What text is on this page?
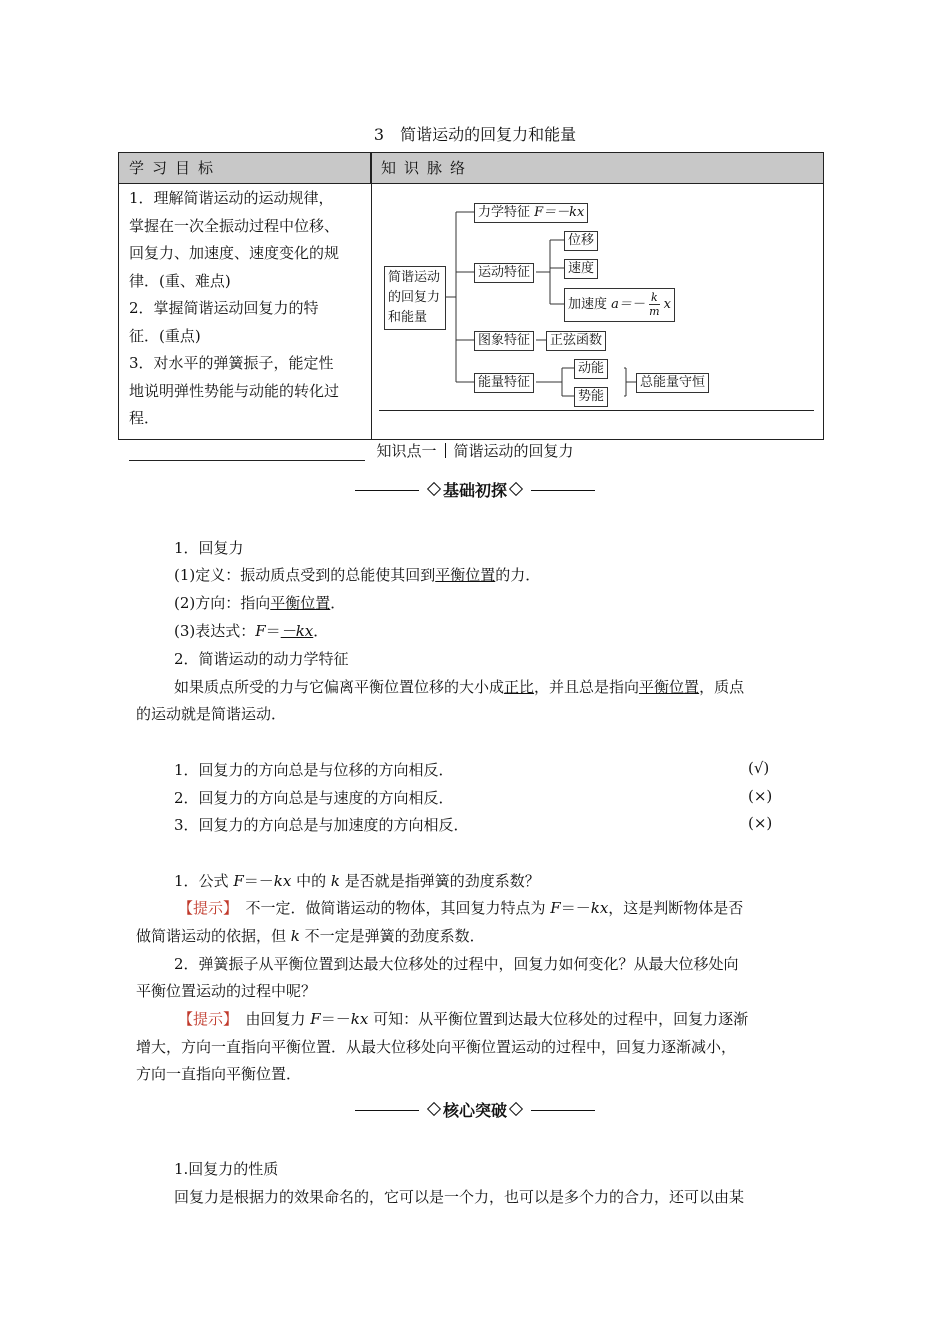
3　简谐运动的回复力和能量
学习目标	知识脉络
1．理解简谐运动的运动规律，
掌握在一次全振动过程中位移、
回复力、加速度、速度变化的规
律．(重、难点)
2．掌握简谐运动回复力的特
征．(重点)
3．对水平的弹簧振子，能定性
地说明弹性势能与动能的转化过
程．
简谐运动
的回复力
和能量
力学特征 F＝－kx
运动特征
位移
速度
加速度 $a=- \frac{k}{m}$ x
图象特征	正弦函数
能量特征
动能
势能
总能量守恒
知识点一 简谐运动的回复力
基础初探
1．回复力
(1)定义：振动质点受到的总能使其回到平衡位置的力．
(2)方向：指向平衡位置．
(3)表达式：F＝－kx．
2．简谐运动的动力学特征
如果质点所受的力与它偏离平衡位置位移的大小成正比，并且总是指向平衡位置，质点
的运动就是简谐运动．
1．回复力的方向总是与位移的方向相反．	(√)
2．回复力的方向总是与速度的方向相反．	(×)
3．回复力的方向总是与加速度的方向相反．	(×)
1．公式 F＝－kx 中的 k 是否就是指弹簧的劲度系数？
【提示】　不一定．做简谐运动的物体，其回复力特点为 F＝－kx，这是判断物体是否
做简谐运动的依据，但 k 不一定是弹簧的劲度系数．
2．弹簧振子从平衡位置到达最大位移处的过程中，回复力如何变化？从最大位移处向
平衡位置运动的过程中呢？
【提示】　由回复力 F＝－kx 可知：从平衡位置到达最大位移处的过程中，回复力逐渐
增大，方向一直指向平衡位置．从最大位移处向平衡位置运动的过程中，回复力逐渐减小，
方向一直指向平衡位置．
核心突破
1.回复力的性质
回复力是根据力的效果命名的，它可以是一个力，也可以是多个力的合力，还可以由某
